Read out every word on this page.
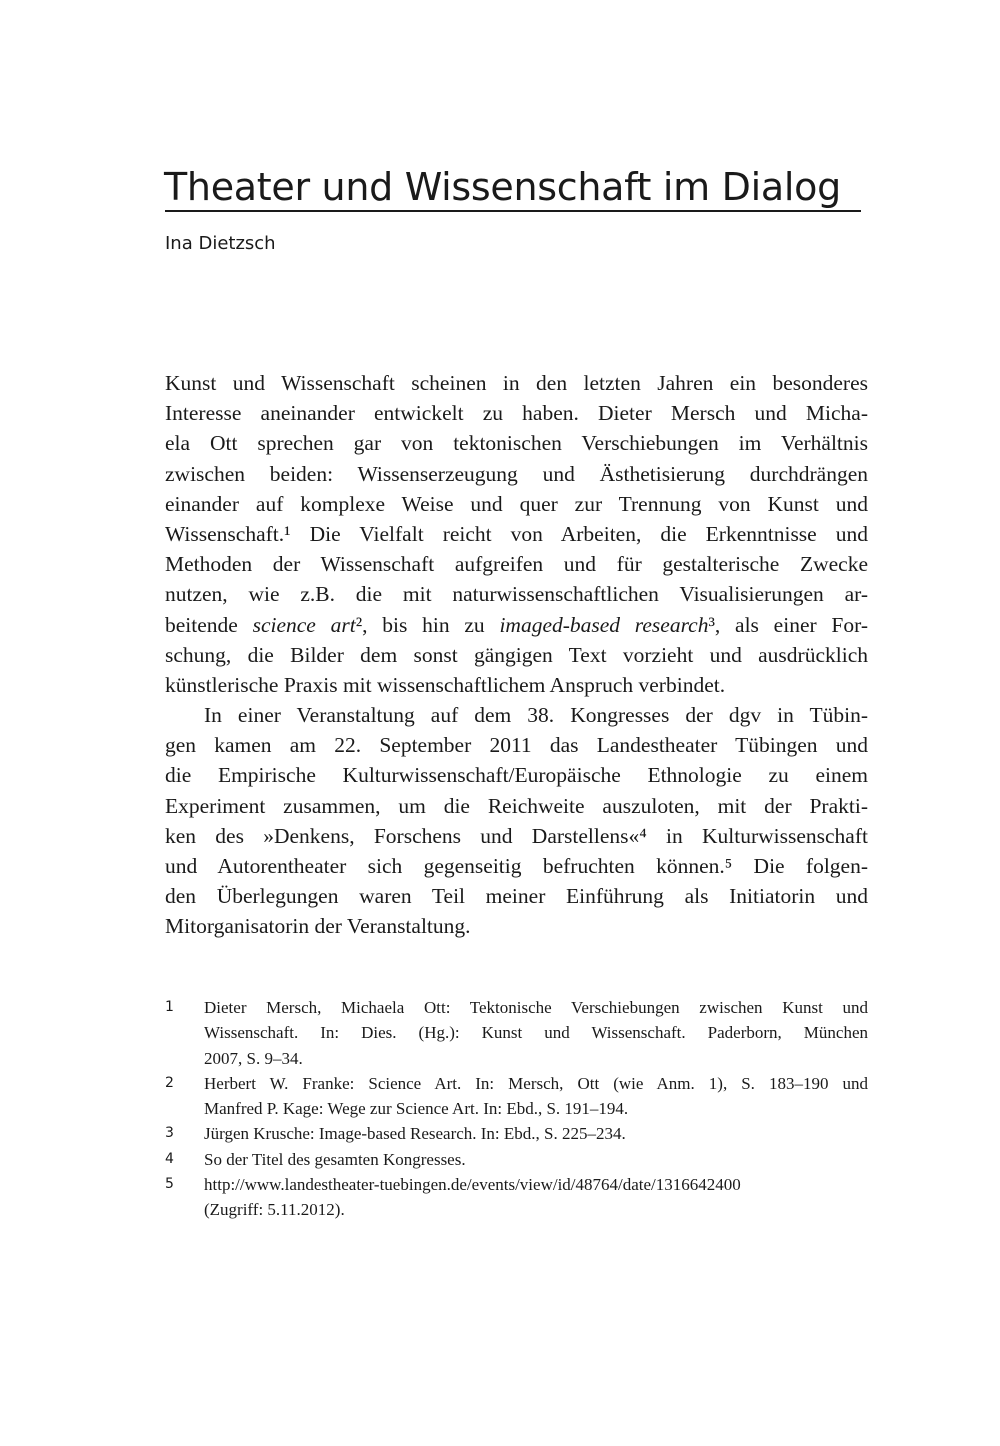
Theater und Wissenschaft im Dialog
Ina Dietzsch
Kunst und Wissenschaft scheinen in den letzten Jahren ein besonderes
Interesse aneinander entwickelt zu haben. Dieter Mersch und Micha-
ela Ott sprechen gar von tektonischen Verschiebungen im Verhältnis
zwischen beiden: Wissenserzeugung und Ästhetisierung durchdrängen
einander auf komplexe Weise und quer zur Trennung von Kunst und
Wissenschaft.¹ Die Vielfalt reicht von Arbeiten, die Erkenntnisse und
Methoden der Wissenschaft aufgreifen und für gestalterische Zwecke
nutzen, wie z.B. die mit naturwissenschaftlichen Visualisierungen ar-
beitende science art², bis hin zu imaged-based research³, als einer For-
schung, die Bilder dem sonst gängigen Text vorzieht und ausdrücklich
künstlerische Praxis mit wissenschaftlichem Anspruch verbindet.
In einer Veranstaltung auf dem 38. Kongresses der dgv in Tübin-
gen kamen am 22. September 2011 das Landestheater Tübingen und
die Empirische Kulturwissenschaft/Europäische Ethnologie zu einem
Experiment zusammen, um die Reichweite auszuloten, mit der Prakti-
ken des »Denkens, Forschens und Darstellens«⁴ in Kulturwissenschaft
und Autorentheater sich gegenseitig befruchten können.⁵ Die folgen-
den Überlegungen waren Teil meiner Einführung als Initiatorin und
Mitorganisatorin der Veranstaltung.
1	Dieter Mersch, Michaela Ott: Tektonische Verschiebungen zwischen Kunst und
Wissenschaft. In: Dies. (Hg.): Kunst und Wissenschaft. Paderborn, München
2007, S. 9–34.
2	Herbert W. Franke: Science Art. In: Mersch, Ott (wie Anm. 1), S. 183–190 und
Manfred P. Kage: Wege zur Science Art. In: Ebd., S. 191–194.
3	Jürgen Krusche: Image-based Research. In: Ebd., S. 225–234.
4	So der Titel des gesamten Kongresses.
5	http://www.landestheater-tuebingen.de/events/view/id/48764/date/1316642400
(Zugriff: 5.11.2012).
